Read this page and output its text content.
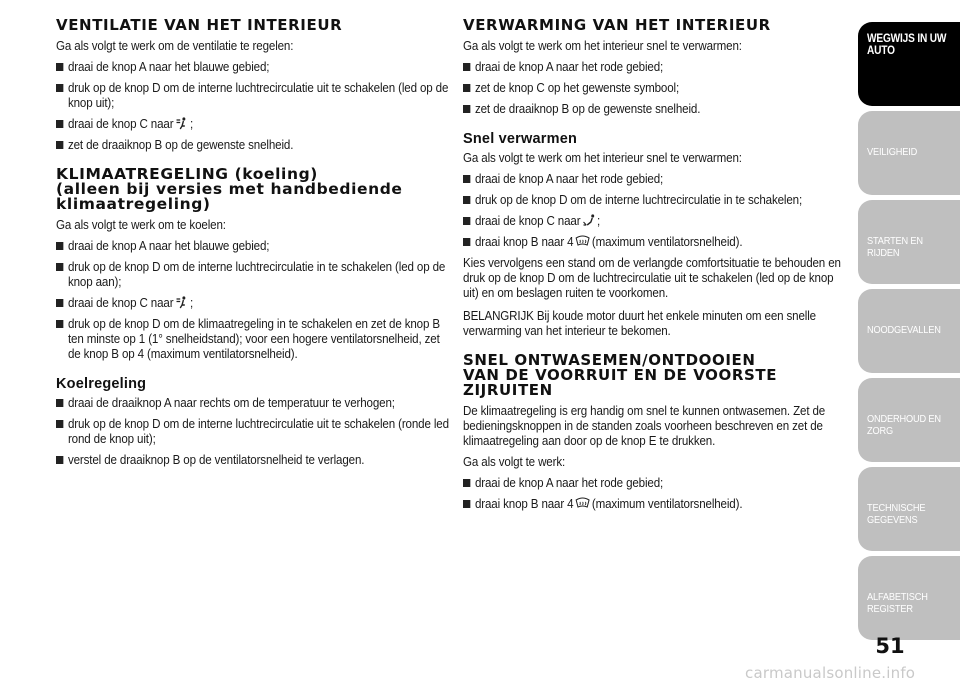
VENTILATIE VAN HET INTERIEUR

Ga als volgt te werk om de ventilatie te regelen:

draai de knop A naar het blauwe gebied;
druk op de knop D om de interne luchtrecirculatie uit te schakelen (led op de knop uit);
draai de knop C naar ;
zet de draaiknop B op de gewenste snelheid.
KLIMAATREGELING (koeling)
(alleen bij versies met handbediende
klimaatregeling)

Ga als volgt te werk om te koelen:

draai de knop A naar het blauwe gebied;
druk op de knop D om de interne luchtrecirculatie in te schakelen (led op de knop aan);
draai de knop C naar ;
druk op de knop D om de klimaatregeling in te schakelen en zet de knop B ten minste op 1 (1° snelheidstand); voor een hogere ventilatorsnelheid, zet de knop B op 4 (maximum ventilatorsnelheid).
Koelregeling
draai de draaiknop A naar rechts om de temperatuur te verhogen;
druk op de knop D om de interne luchtrecirculatie uit te schakelen (ronde led rond de knop uit);
verstel de draaiknop B op de ventilatorsnelheid te verlagen.
VERWARMING VAN HET INTERIEUR

Ga als volgt te werk om het interieur snel te verwarmen:

draai de knop A naar het rode gebied;
zet de knop C op het gewenste symbool;
zet de draaiknop B op de gewenste snelheid.
Snel verwarmen

Ga als volgt te werk om het interieur snel te verwarmen:

draai de knop A naar het rode gebied;
druk op de knop D om de interne luchtrecirculatie in te schakelen;
draai de knop C naar ;
draai knop B naar 4 (maximum ventilatorsnelheid).

Kies vervolgens een stand om de verlangde comfortsituatie te behouden en druk op de knop D om de luchtrecirculatie uit te schakelen (led op de knop uit) en om beslagen ruiten te voorkomen.

BELANGRIJK Bij koude motor duurt het enkele minuten om een snelle verwarming van het interieur te bekomen.

SNEL ONTWASEMEN/ONTDOOIEN
VAN DE VOORRUIT EN DE VOORSTE
ZIJRUITEN

De klimaatregeling is erg handig om snel te kunnen ontwasemen. Zet de bedieningsknoppen in de standen zoals voorheen beschreven en zet de klimaatregeling aan door op de knop E te drukken.

Ga als volgt te werk:

draai de knop A naar het rode gebied;
draai knop B naar 4 (maximum ventilatorsnelheid).
WEGWIJS IN UW AUTO
VEILIGHEID
STARTEN EN RIJDEN
NOODGEVALLEN
ONDERHOUD EN ZORG
TECHNISCHE GEGEVENS
ALFABETISCH REGISTER
51
carmanualsonline.info
